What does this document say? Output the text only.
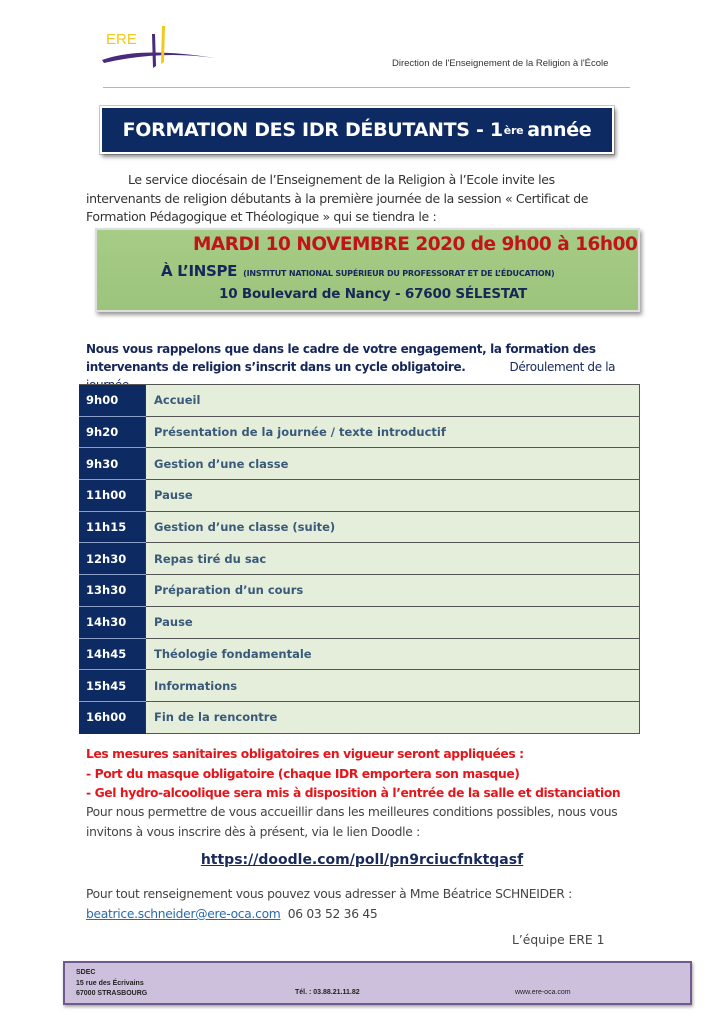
ERE
Direction de l'Enseignement de la Religion à l'École
FORMATION DES IDR DÉBUTANTS - 1 ère année
Le service diocésain de l’Enseignement de la Religion à l’Ecole invite les intervenants de religion débutants à la première journée de la session « Certificat de Formation Pédagogique et Théologique » qui se tiendra le :
MARDI 10 NOVEMBRE 2020 de 9h00 à 16h00
À L’INSPE (INSTITUT NATIONAL SUPÉRIEUR DU PROFESSORAT ET DE L’ÉDUCATION)
10 Boulevard de Nancy - 67600 SÉLESTAT
Nous vous rappelons que dans le cadre de votre engagement, la formation des intervenants de religion s’inscrit dans un cycle obligatoire.	Déroulement de la
9h00	Accueil
9h20	Présentation de la journée / texte introductif
9h30	Gestion d’une classe
11h00	Pause
11h15	Gestion d’une classe (suite)
12h30	Repas tiré du sac
13h30	Préparation d’un cours
14h30	Pause
14h45	Théologie fondamentale
15h45	Informations
16h00	Fin de la rencontre
Les mesures sanitaires obligatoires en vigueur seront appliquées :
- Port du masque obligatoire (chaque IDR emportera son masque)
- Gel hydro-alcoolique sera mis à disposition à l’entrée de la salle et distanciation
Pour nous permettre de vous accueillir dans les meilleures conditions possibles, nous vous invitons à vous inscrire dès à présent, via le lien Doodle :
https://doodle.com/poll/pn9rciucfnktqasf
Pour tout renseignement vous pouvez vous adresser à Mme Béatrice SCHNEIDER :
beatrice.schneider@ere-oca.com 06 03 52 36 45
L’équipe ERE 1
SDEC
15 rue des Écrivains
67000 STRASBOURG	Tél. : 03.88.21.11.82	www.ere-oca.com
